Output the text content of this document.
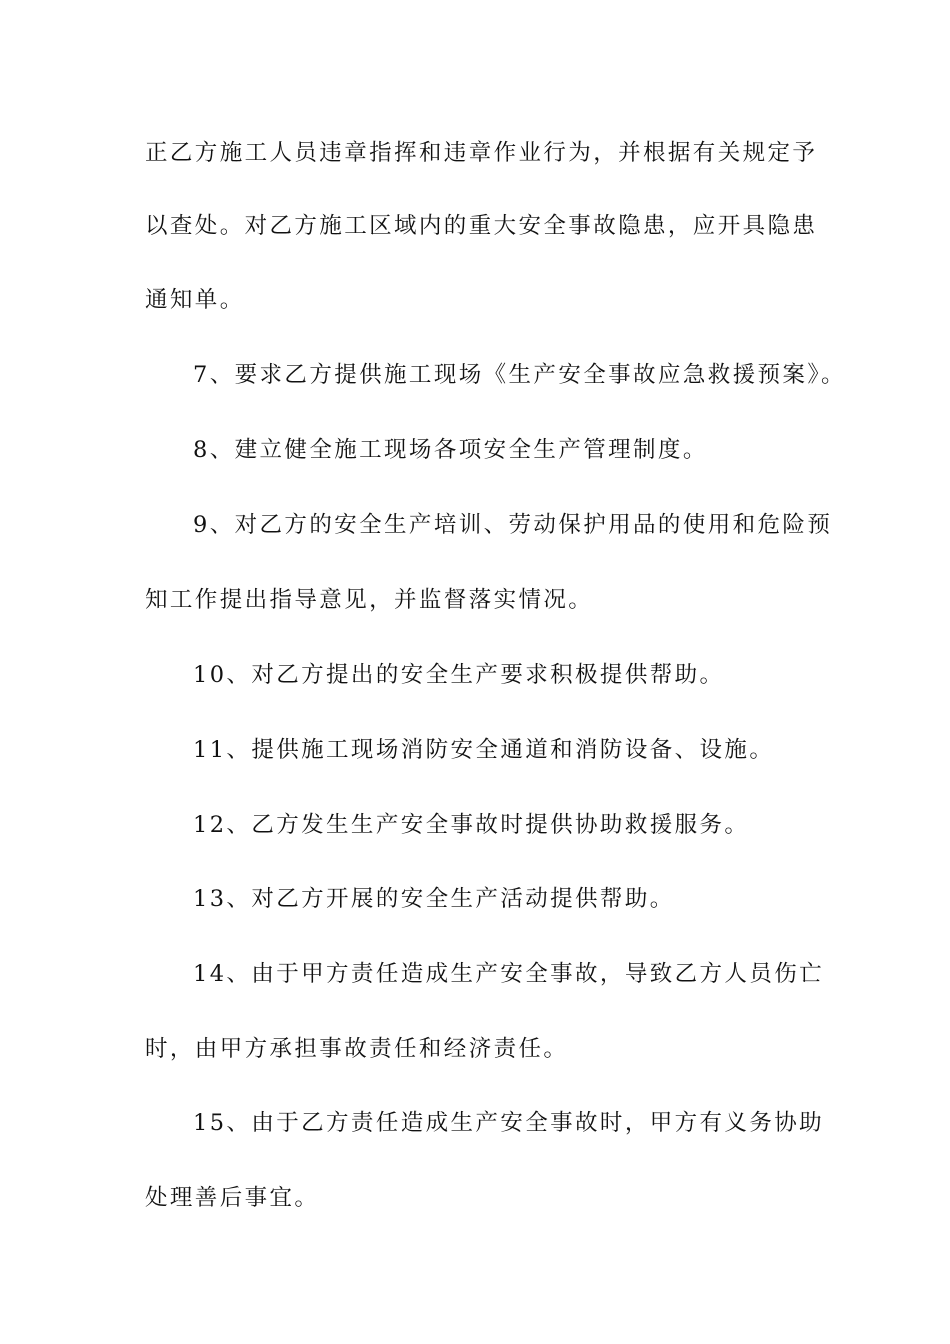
正乙方施工人员违章指挥和违章作业行为，并根据有关规定予
以查处。对乙方施工区域内的重大安全事故隐患，应开具隐患
通知单。
7、要求乙方提供施工现场《生产安全事故应急救援预案》。
8、建立健全施工现场各项安全生产管理制度。
9、对乙方的安全生产培训、劳动保护用品的使用和危险预
知工作提出指导意见，并监督落实情况。
10、对乙方提出的安全生产要求积极提供帮助。
11、提供施工现场消防安全通道和消防设备、设施。
12、乙方发生生产安全事故时提供协助救援服务。
13、对乙方开展的安全生产活动提供帮助。
14、由于甲方责任造成生产安全事故，导致乙方人员伤亡
时，由甲方承担事故责任和经济责任。
15、由于乙方责任造成生产安全事故时，甲方有义务协助
处理善后事宜。
